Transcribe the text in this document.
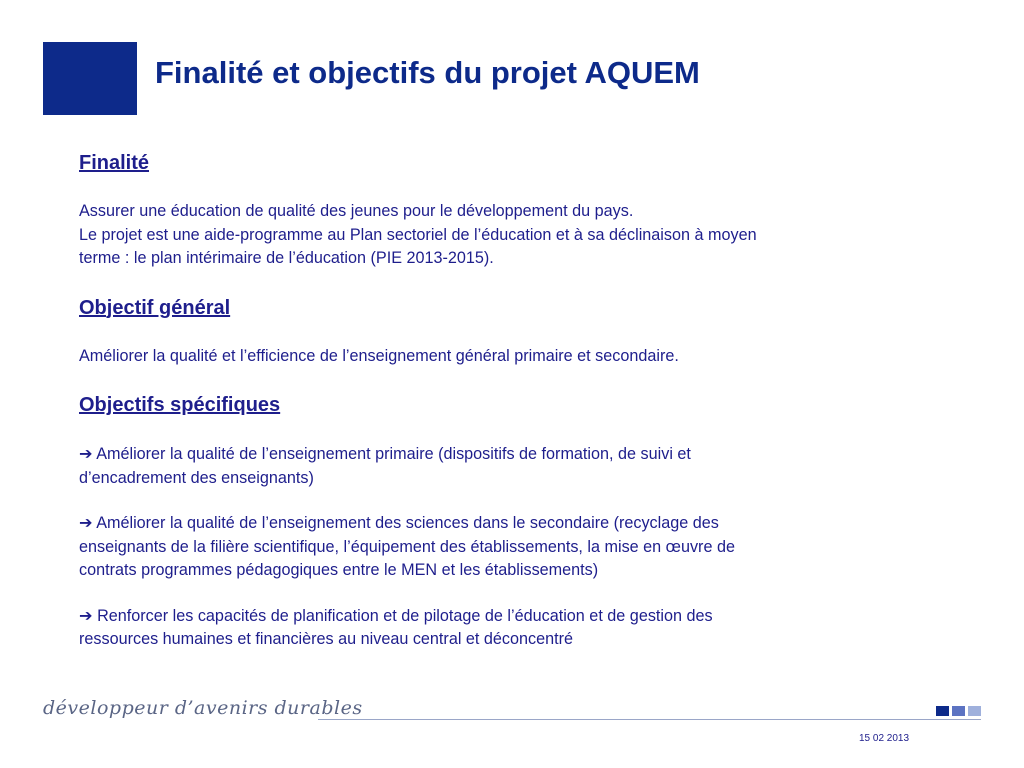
Finalité et objectifs du projet AQUEM

Finalité

Assurer une éducation de qualité des jeunes pour le développement du pays.

Le projet est une aide-programme au Plan sectoriel de l’éducation et à sa déclinaison à moyen

terme : le plan intérimaire de l’éducation (PIE 2013-2015).

Objectif général

Améliorer la qualité et l’efficience de l’enseignement général primaire et secondaire.

Objectifs spécifiques

➔ Améliorer la qualité de l’enseignement primaire (dispositifs de formation, de suivi et

d’encadrement des enseignants)

➔ Améliorer la qualité de l’enseignement des sciences dans le secondaire (recyclage des

enseignants de la filière scientifique, l’équipement des établissements, la mise en œuvre de

contrats programmes pédagogiques entre le MEN et les établissements)

➔ Renforcer les capacités de planification et de pilotage de l’éducation et de gestion des

ressources humaines et financières au niveau central et déconcentré

développeur d’avenirs durables
15 02 2013
